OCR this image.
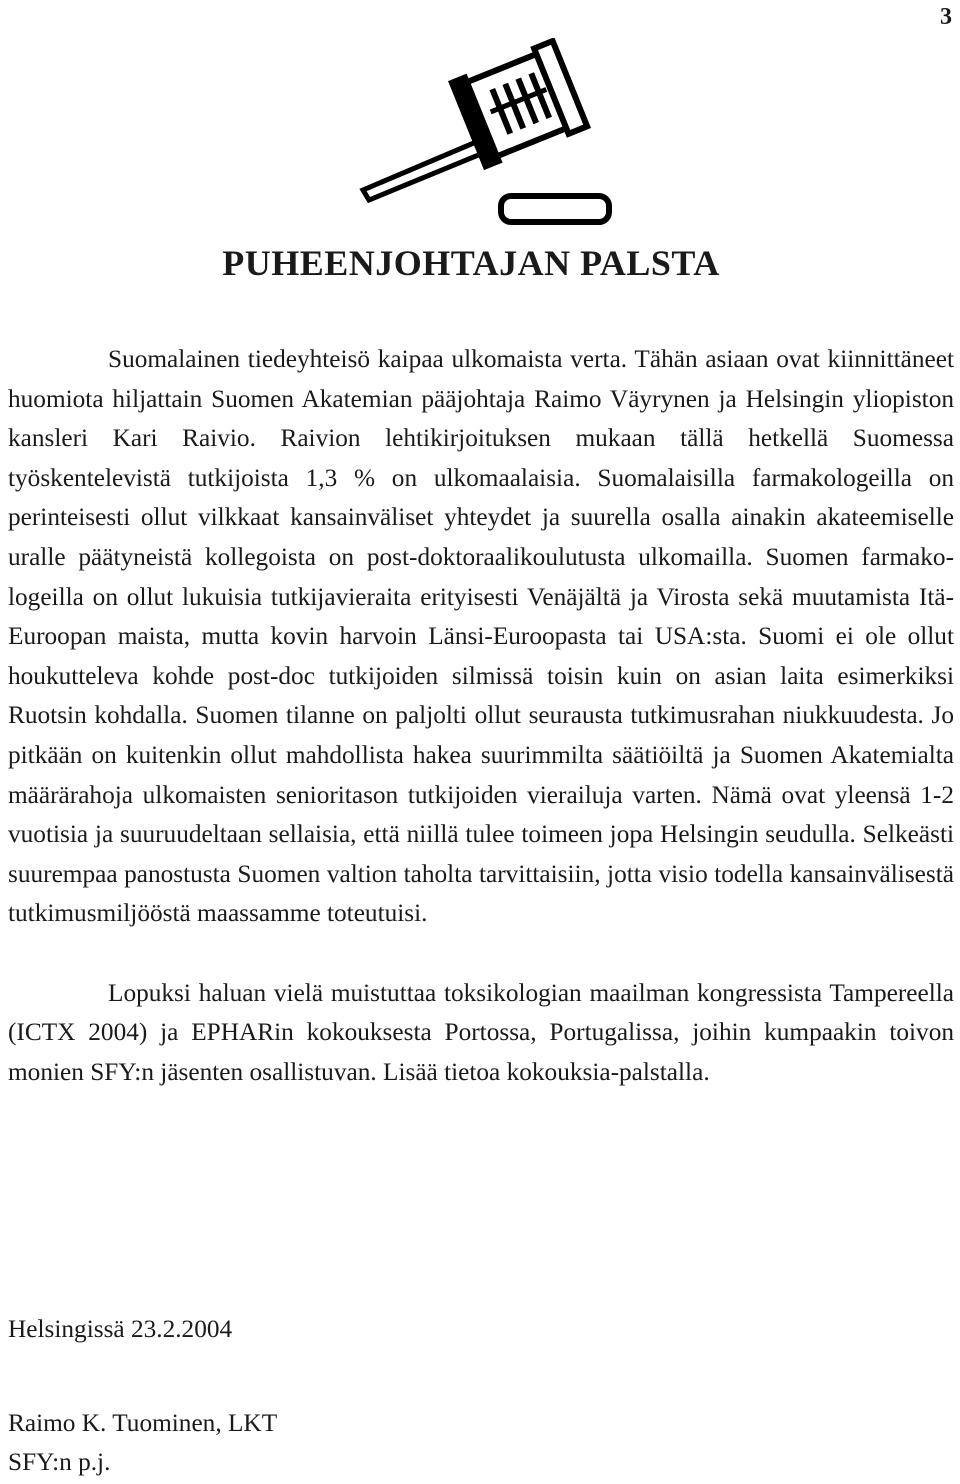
3
PUHEENJOHTAJAN PALSTA

Suomalainen tiedeyhteisö kaipaa ulkomaista verta. Tähän asiaan ovat kiinnittäneet huomiota hiljattain Suomen Akatemian pääjohtaja Raimo Väyrynen ja Helsingin yliopiston kansleri Kari Raivio. Raivion lehtikirjoituksen mukaan tällä hetkellä Suomessa työskentelevistä tutkijoista 1,3 % on ulkomaalaisia. Suomalaisilla farmakologeilla on perinteisesti ollut vilkkaat kansainväliset yhteydet ja suurella osalla ainakin akateemiselle uralle päätyneistä kollegoista on post-doktoraalikoulutusta ulkomailla. Suomen farmakologeilla on ollut lukuisia tutkijavieraita erityisesti Venäjältä ja Virosta sekä muutamista Itä-Euroopan maista, mutta kovin harvoin Länsi-Euroopasta tai USA:sta. Suomi ei ole ollut houkutteleva kohde post-doc tutkijoiden silmissä toisin kuin on asian laita esimerkiksi Ruotsin kohdalla. Suomen tilanne on paljolti ollut seurausta tutkimusrahan niukkuudesta. Jo pitkään on kuitenkin ollut mahdollista hakea suurimmilta säätiöiltä ja Suomen Akatemialta määrärahoja ulkomaisten senioritason tutkijoiden vierailuja varten. Nämä ovat yleensä 1-2 vuotisia ja suuruudeltaan sellaisia, että niillä tulee toimeen jopa Helsingin seudulla. Selkeästi suurempaa panostusta Suomen valtion taholta tarvittaisiin, jotta visio todella kansainvälisestä tutkimusmiljööstä maassamme toteutuisi.

Lopuksi haluan vielä muistuttaa toksikologian maailman kongressista Tampereella (ICTX 2004) ja EPHARin kokouksesta Portossa, Portugalissa, joihin kumpaakin toivon monien SFY:n jäsenten osallistuvan. Lisää tietoa kokouksia-palstalla.

Helsingissä 23.2.2004
Raimo K. Tuominen, LKT
SFY:n p.j.
